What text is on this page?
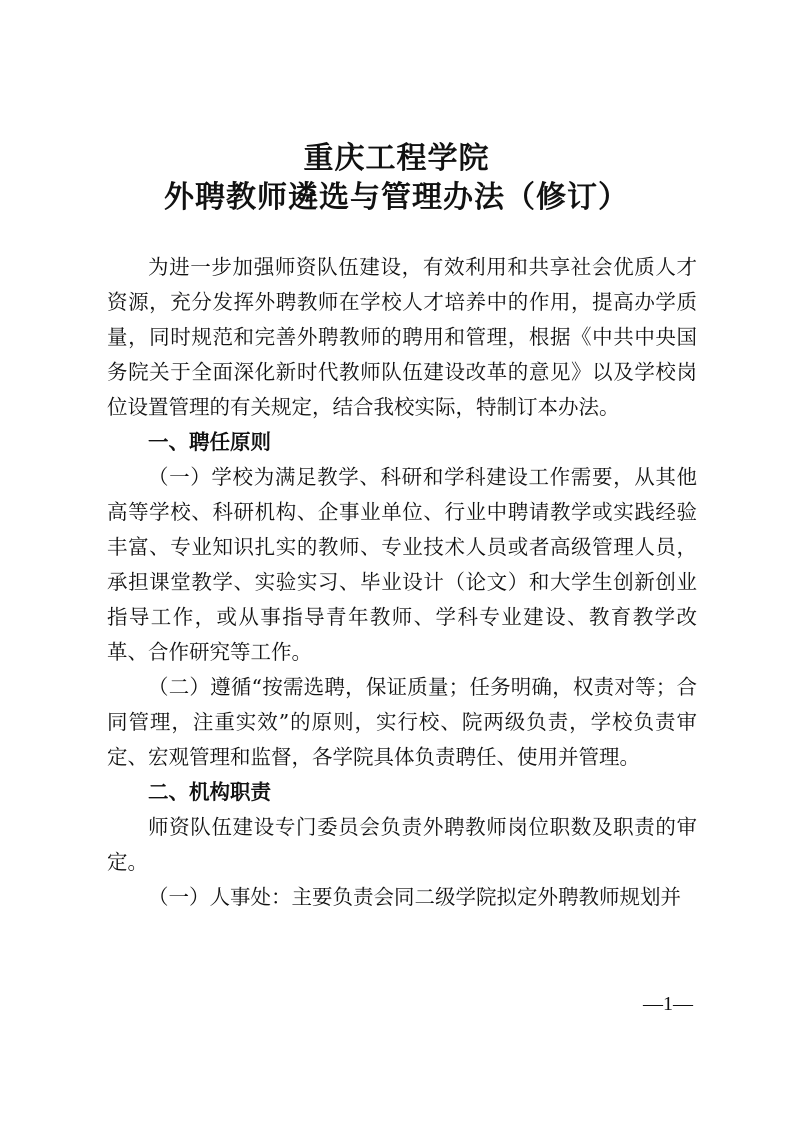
重庆工程学院
外聘教师遴选与管理办法（修订）

为进一步加强师资队伍建设，有效利用和共享社会优质人才资源，充分发挥外聘教师在学校人才培养中的作用，提高办学质量，同时规范和完善外聘教师的聘用和管理，根据《中共中央国务院关于全面深化新时代教师队伍建设改革的意见》以及学校岗位设置管理的有关规定，结合我校实际，特制订本办法。

一、聘任原则

（一）学校为满足教学、科研和学科建设工作需要，从其他高等学校、科研机构、企事业单位、行业中聘请教学或实践经验丰富、专业知识扎实的教师、专业技术人员或者高级管理人员，承担课堂教学、实验实习、毕业设计（论文）和大学生创新创业指导工作，或从事指导青年教师、学科专业建设、教育教学改革、合作研究等工作。

（二）遵循“按需选聘，保证质量；任务明确，权责对等；合同管理，注重实效”的原则，实行校、院两级负责，学校负责审定、宏观管理和监督，各学院具体负责聘任、使用并管理。

二、机构职责

师资队伍建设专门委员会负责外聘教师岗位职数及职责的审定。

（一）人事处：主要负责会同二级学院拟定外聘教师规划并

—1—
